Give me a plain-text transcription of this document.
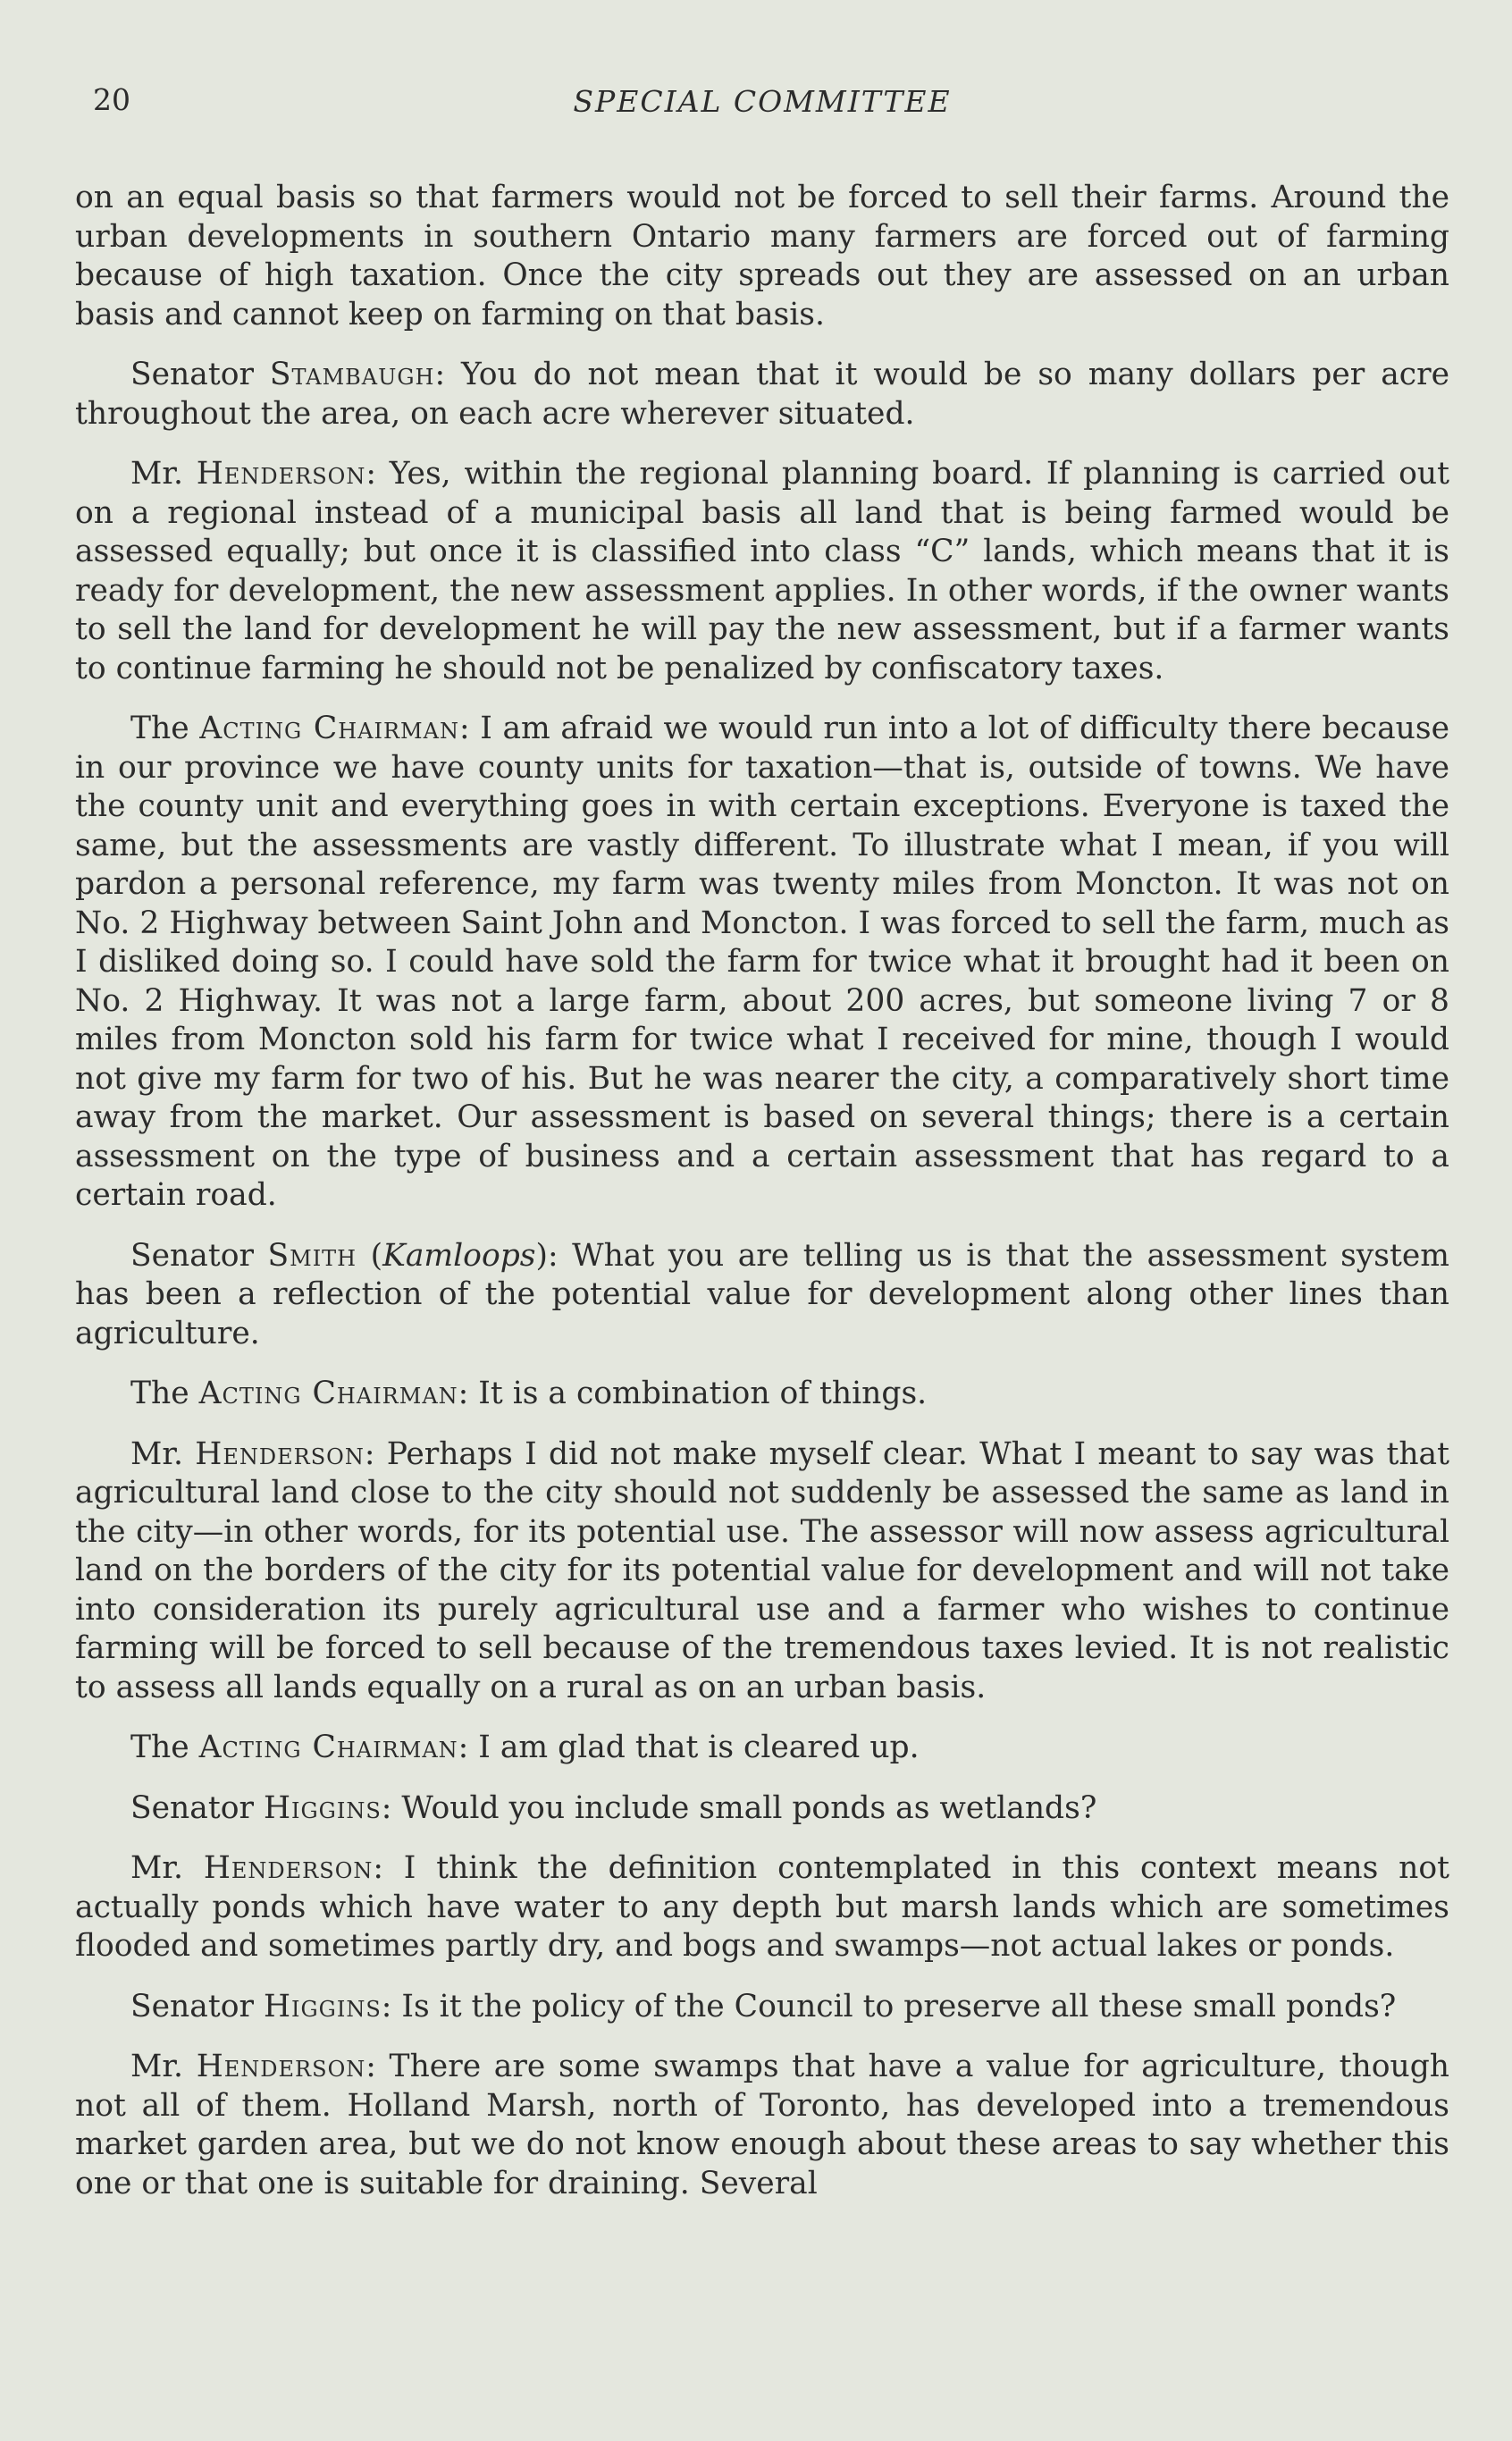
20	SPECIAL COMMITTEE

on an equal basis so that farmers would not be forced to sell their farms. Around the urban developments in southern Ontario many farmers are forced out of farming because of high taxation. Once the city spreads out they are assessed on an urban basis and cannot keep on farming on that basis.

Senator Stambaugh: You do not mean that it would be so many dollars per acre throughout the area, on each acre wherever situated.

Mr. Henderson: Yes, within the regional planning board. If planning is carried out on a regional instead of a municipal basis all land that is being farmed would be assessed equally; but once it is classified into class “C” lands, which means that it is ready for development, the new assessment applies. In other words, if the owner wants to sell the land for development he will pay the new assessment, but if a farmer wants to continue farming he should not be penalized by confiscatory taxes.

The Acting Chairman: I am afraid we would run into a lot of difficulty there because in our province we have county units for taxation—that is, outside of towns. We have the county unit and everything goes in with certain exceptions. Everyone is taxed the same, but the assessments are vastly different. To illustrate what I mean, if you will pardon a personal reference, my farm was twenty miles from Moncton. It was not on No. 2 Highway between Saint John and Moncton. I was forced to sell the farm, much as I disliked doing so. I could have sold the farm for twice what it brought had it been on No. 2 Highway. It was not a large farm, about 200 acres, but someone living 7 or 8 miles from Moncton sold his farm for twice what I received for mine, though I would not give my farm for two of his. But he was nearer the city, a comparatively short time away from the market. Our assessment is based on several things; there is a certain assessment on the type of business and a certain assessment that has regard to a certain road.

Senator Smith (Kamloops): What you are telling us is that the assessment system has been a reflection of the potential value for development along other lines than agriculture.

The Acting Chairman: It is a combination of things.

Mr. Henderson: Perhaps I did not make myself clear. What I meant to say was that agricultural land close to the city should not suddenly be assessed the same as land in the city—in other words, for its potential use. The assessor will now assess agricultural land on the borders of the city for its potential value for development and will not take into consideration its purely agricultural use and a farmer who wishes to continue farming will be forced to sell because of the tremendous taxes levied. It is not realistic to assess all lands equally on a rural as on an urban basis.

The Acting Chairman: I am glad that is cleared up.

Senator Higgins: Would you include small ponds as wetlands?

Mr. Henderson: I think the definition contemplated in this context means not actually ponds which have water to any depth but marsh lands which are sometimes flooded and sometimes partly dry, and bogs and swamps—not actual lakes or ponds.

Senator Higgins: Is it the policy of the Council to preserve all these small ponds?

Mr. Henderson: There are some swamps that have a value for agriculture, though not all of them. Holland Marsh, north of Toronto, has developed into a tremendous market garden area, but we do not know enough about these areas to say whether this one or that one is suitable for draining. Several
